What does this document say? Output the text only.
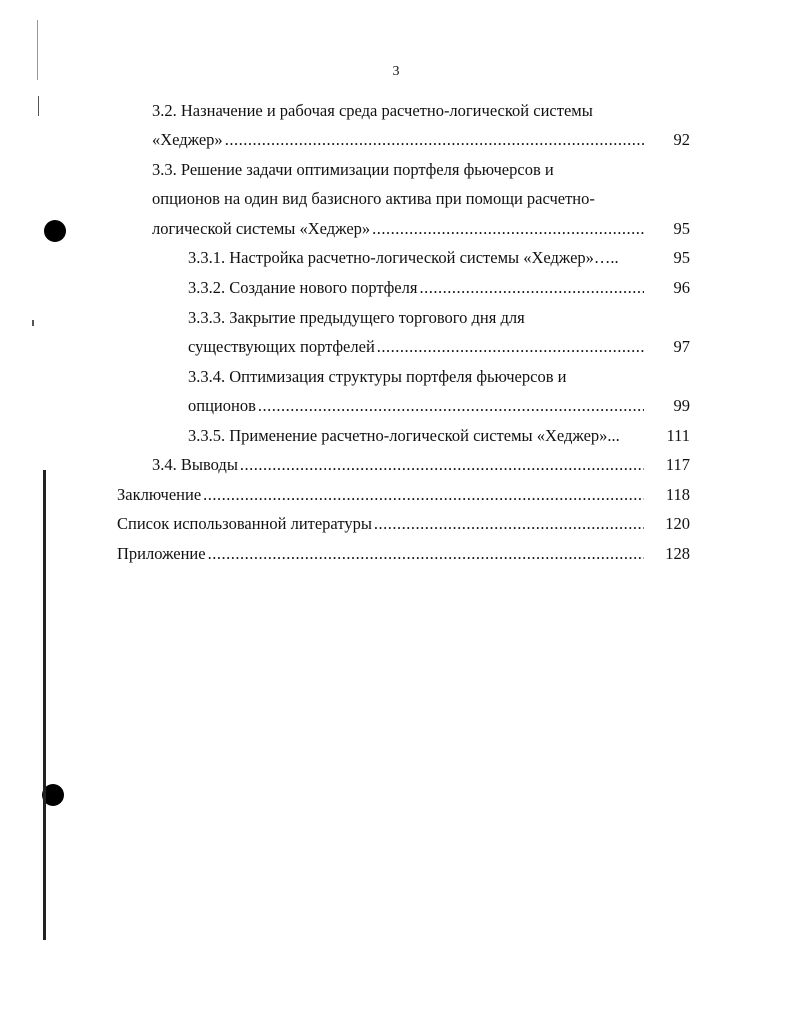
3
3.2. Назначение и рабочая среда расчетно-логической системы
«Хеджер» .....	92
3.3. Решение задачи оптимизации портфеля фьючерсов и
опционов на один вид базисного актива при помощи расчетно-
логической системы «Хеджер» .....	95
3.3.1. Настройка расчетно-логической системы «Хеджер»…..	95
3.3.2. Создание нового портфеля .....	96
3.3.3. Закрытие предыдущего торгового дня для
существующих портфелей .....	97
3.3.4. Оптимизация структуры портфеля фьючерсов и
опционов .....	99
3.3.5. Применение расчетно-логической системы «Хеджер»...	111
3.4. Выводы .....	117
Заключение .....	118
Список использованной литературы .....	120
Приложение .....	128
